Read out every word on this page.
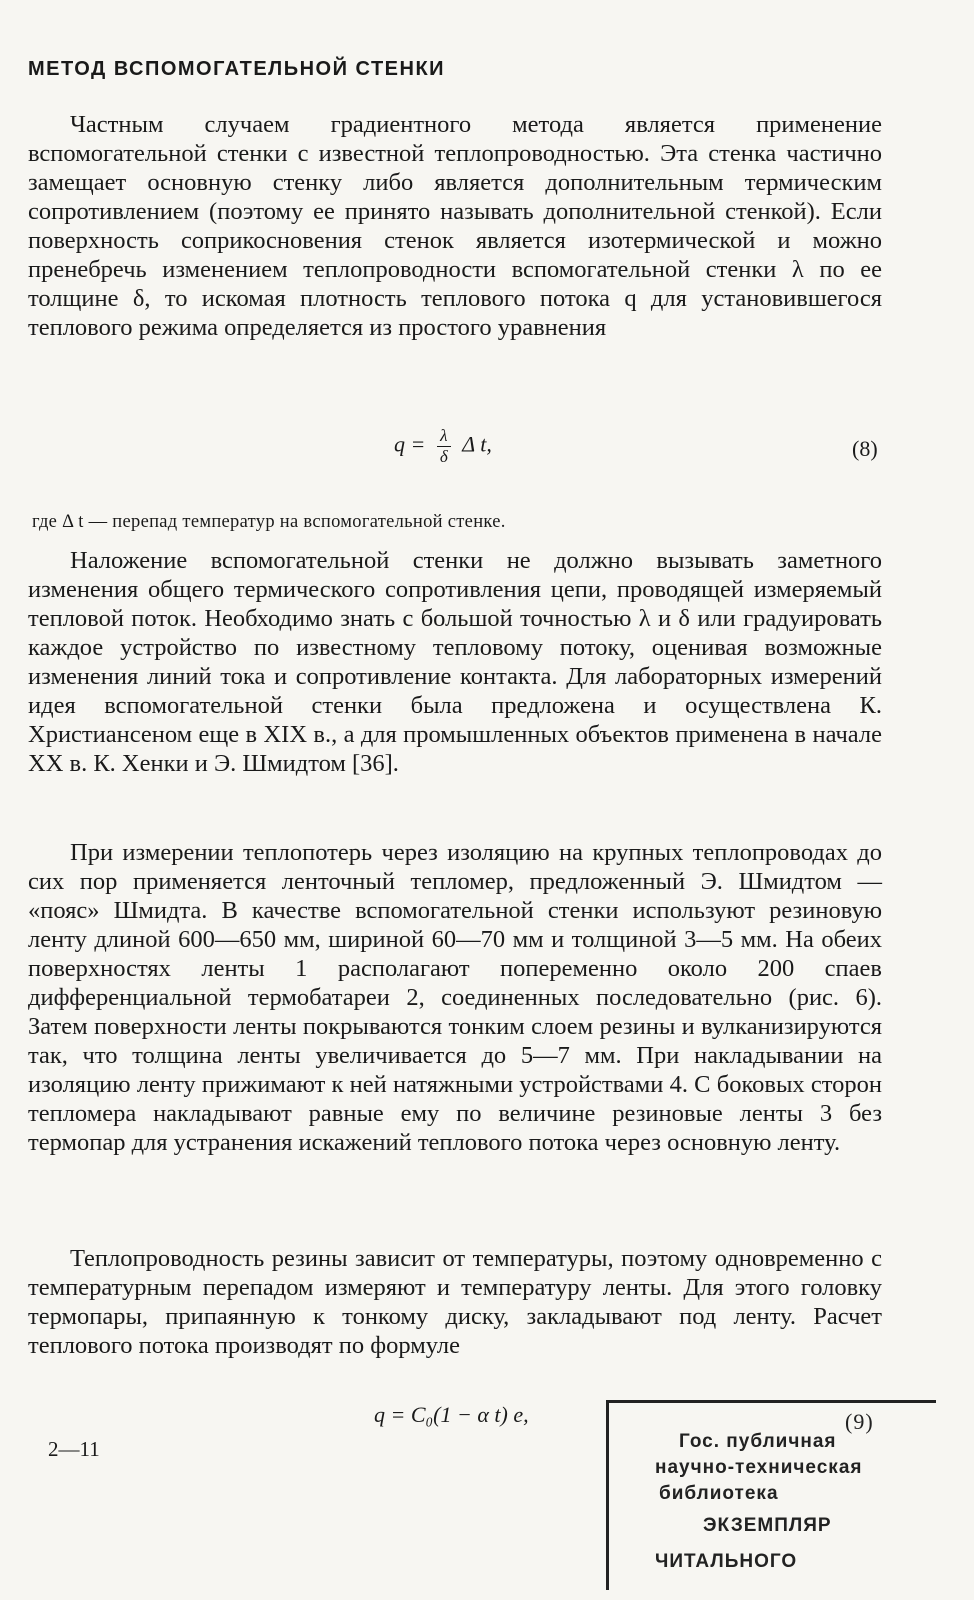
МЕТОД ВСПОМОГАТЕЛЬНОЙ СТЕНКИ

Частным случаем градиентного метода является применение вспомогательной стенки с известной теплопроводностью. Эта стенка частично замещает основную стенку либо является дополнительным термическим сопротивлением (поэтому ее принято называть дополнительной стенкой). Если поверхность соприкосновения стенок является изотермической и можно пренебречь изменением теплопроводности вспомогательной стенки λ по ее толщине δ, то искомая плотность теплового потока q для установившегося теплового режима определяется из простого уравнения

$q = \frac{\lambda}{\delta}$ Δ t,	(8)
где Δ t — перепад температур на вспомогательной стенке.

Наложение вспомогательной стенки не должно вызывать заметного изменения общего термического сопротивления цепи, проводящей измеряемый тепловой поток. Необходимо знать с большой точностью λ и δ или градуировать каждое устройство по известному тепловому потоку, оценивая возможные изменения линий тока и сопротивление контакта. Для лабораторных измерений идея вспомогательной стенки была предложена и осуществлена К. Христиансеном еще в XIX в., а для промышленных объектов применена в начале XX в. К. Хенки и Э. Шмидтом [36].

При измерении теплопотерь через изоляцию на крупных теплопроводах до сих пор применяется ленточный тепломер, предложенный Э. Шмидтом — «пояс» Шмидта. В качестве вспомогательной стенки используют резиновую ленту длиной 600—650 мм, шириной 60—70 мм и толщиной 3—5 мм. На обеих поверхностях ленты 1 располагают попеременно около 200 спаев дифференциальной термобатареи 2, соединенных последовательно (рис. 6). Затем поверхности ленты покрываются тонким слоем резины и вулканизируются так, что толщина ленты увеличивается до 5—7 мм. При накладывании на изоляцию ленту прижимают к ней натяжными устройствами 4. С боковых сторон тепломера накладывают равные ему по величине резиновые ленты 3 без термопар для устранения искажений теплового потока через основную ленту.

Теплопроводность резины зависит от температуры, поэтому одновременно с температурным перепадом измеряют и температуру ленты. Для этого головку термопары, припаянную к тонкому диску, закладывают под ленту. Расчет теплового потока производят по формуле

q = C₀(1 − α t) e,
2—11
(9)
Гос. публичная
научно-техническая
библиотека
ЭКЗЕМПЛЯР
ЧИТАЛЬНОГО
